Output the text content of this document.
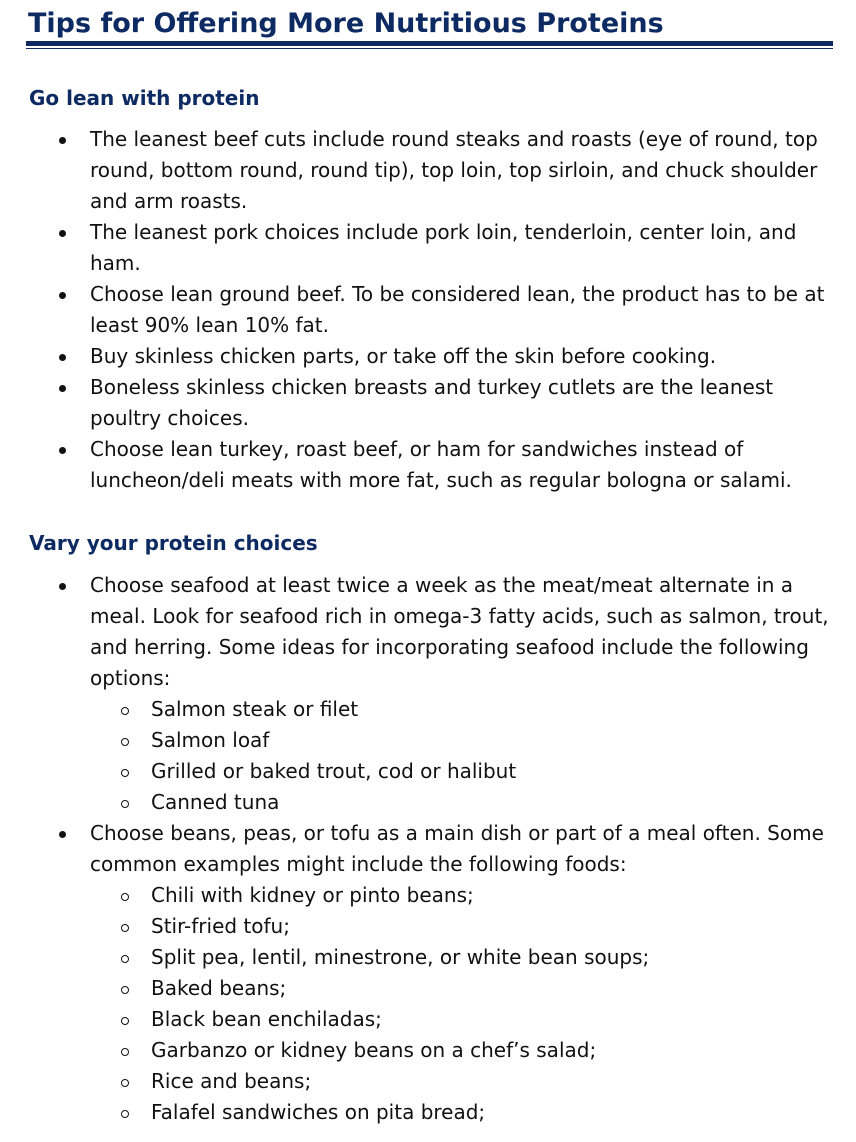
Tips for Offering More Nutritious Proteins
Go lean with protein
The leanest beef cuts include round steaks and roasts (eye of round, top round, bottom round, round tip), top loin, top sirloin, and chuck shoulder and arm roasts.
The leanest pork choices include pork loin, tenderloin, center loin, and ham.
Choose lean ground beef. To be considered lean, the product has to be at least 90% lean 10% fat.
Buy skinless chicken parts, or take off the skin before cooking.
Boneless skinless chicken breasts and turkey cutlets are the leanest poultry choices.
Choose lean turkey, roast beef, or ham for sandwiches instead of luncheon/deli meats with more fat, such as regular bologna or salami.
Vary your protein choices
Choose seafood at least twice a week as the meat/meat alternate in a meal. Look for seafood rich in omega-3 fatty acids, such as salmon, trout, and herring. Some ideas for incorporating seafood include the following options:
Salmon steak or filet
Salmon loaf
Grilled or baked trout, cod or halibut
Canned tuna
Choose beans, peas, or tofu as a main dish or part of a meal often. Some common examples might include the following foods:
Chili with kidney or pinto beans;
Stir-fried tofu;
Split pea, lentil, minestrone, or white bean soups;
Baked beans;
Black bean enchiladas;
Garbanzo or kidney beans on a chef’s salad;
Rice and beans;
Falafel sandwiches on pita bread;
